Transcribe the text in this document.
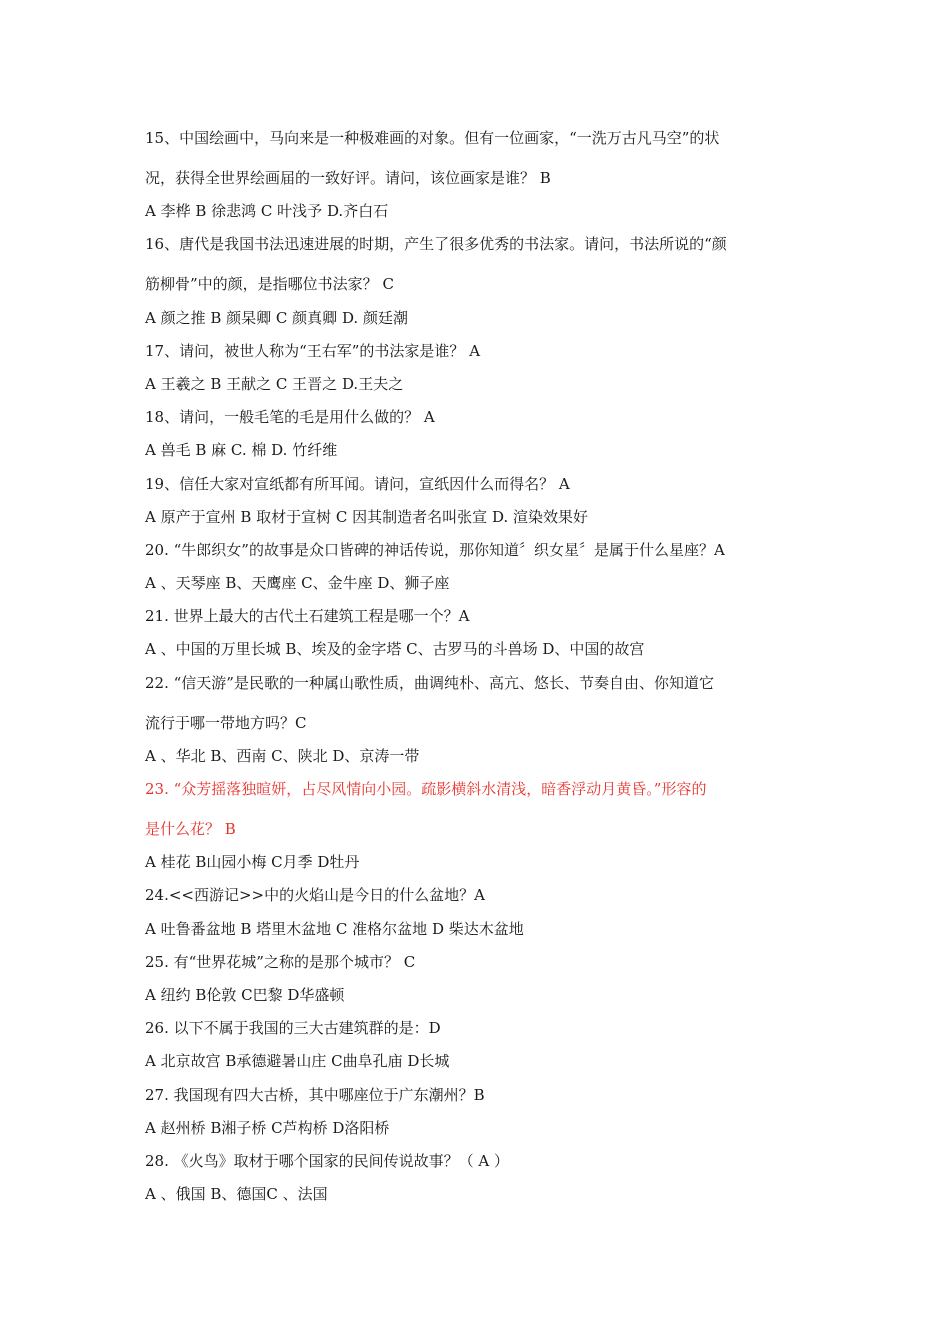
15、中国绘画中，马向来是一种极难画的对象。但有一位画家，“一洗万古凡马空”的状

况，获得全世界绘画届的一致好评。请问，该位画家是谁？ B

A 李桦 B 徐悲鸿 C 叶浅予 D.齐白石

16、唐代是我国书法迅速进展的时期，产生了很多优秀的书法家。请问，书法所说的“颜

筋柳骨”中的颜，是指哪位书法家？ C

A 颜之推 B 颜杲卿 C 颜真卿 D. 颜廷潮

17、请问，被世人称为“王右军”的书法家是谁？ A

A 王羲之 B 王献之 C 王晋之 D.王夫之

18、请问，一般毛笔的毛是用什么做的？ A

A 兽毛 B 麻 C. 棉 D. 竹纤维

19、信任大家对宣纸都有所耳闻。请问，宣纸因什么而得名？ A

A 原产于宣州 B 取材于宣树 C 因其制造者名叫张宣 D. 渲染效果好

20. “牛郎织女”的故事是众口皆碑的神话传说，那你知道〞织女星〞是属于什么星座？A

A 、天琴座 B、天鹰座 C、金牛座 D、狮子座

21. 世界上最大的古代土石建筑工程是哪一个？A

A 、中国的万里长城 B、埃及的金字塔 C、古罗马的斗兽场 D、中国的故宫

22. “信天游”是民歌的一种属山歌性质，曲调纯朴、高亢、悠长、节奏自由、你知道它

流行于哪一带地方吗？C

A 、华北 B、西南 C、陕北 D、京涛一带

23. “众芳摇落独暄妍，占尽风情向小园。疏影横斜水清浅，暗香浮动月黄昏。”形容的

是什么花？ B

A 桂花 B山园小梅 C月季 D牡丹

24.<<西游记>>中的火焰山是今日的什么盆地？A

A 吐鲁番盆地 B 塔里木盆地 C 准格尔盆地 D 柴达木盆地

25. 有“世界花城”之称的是那个城市？ C

A 纽约 B伦敦 C巴黎 D华盛顿

26. 以下不属于我国的三大古建筑群的是：D

A 北京故宫 B承德避暑山庄 C曲阜孔庙 D长城

27. 我国现有四大古桥，其中哪座位于广东潮州？B

A 赵州桥 B湘子桥 C芦构桥 D洛阳桥

28. 《火鸟》取材于哪个国家的民间传说故事？（ A ）

A 、俄国 B、德国C 、法国
